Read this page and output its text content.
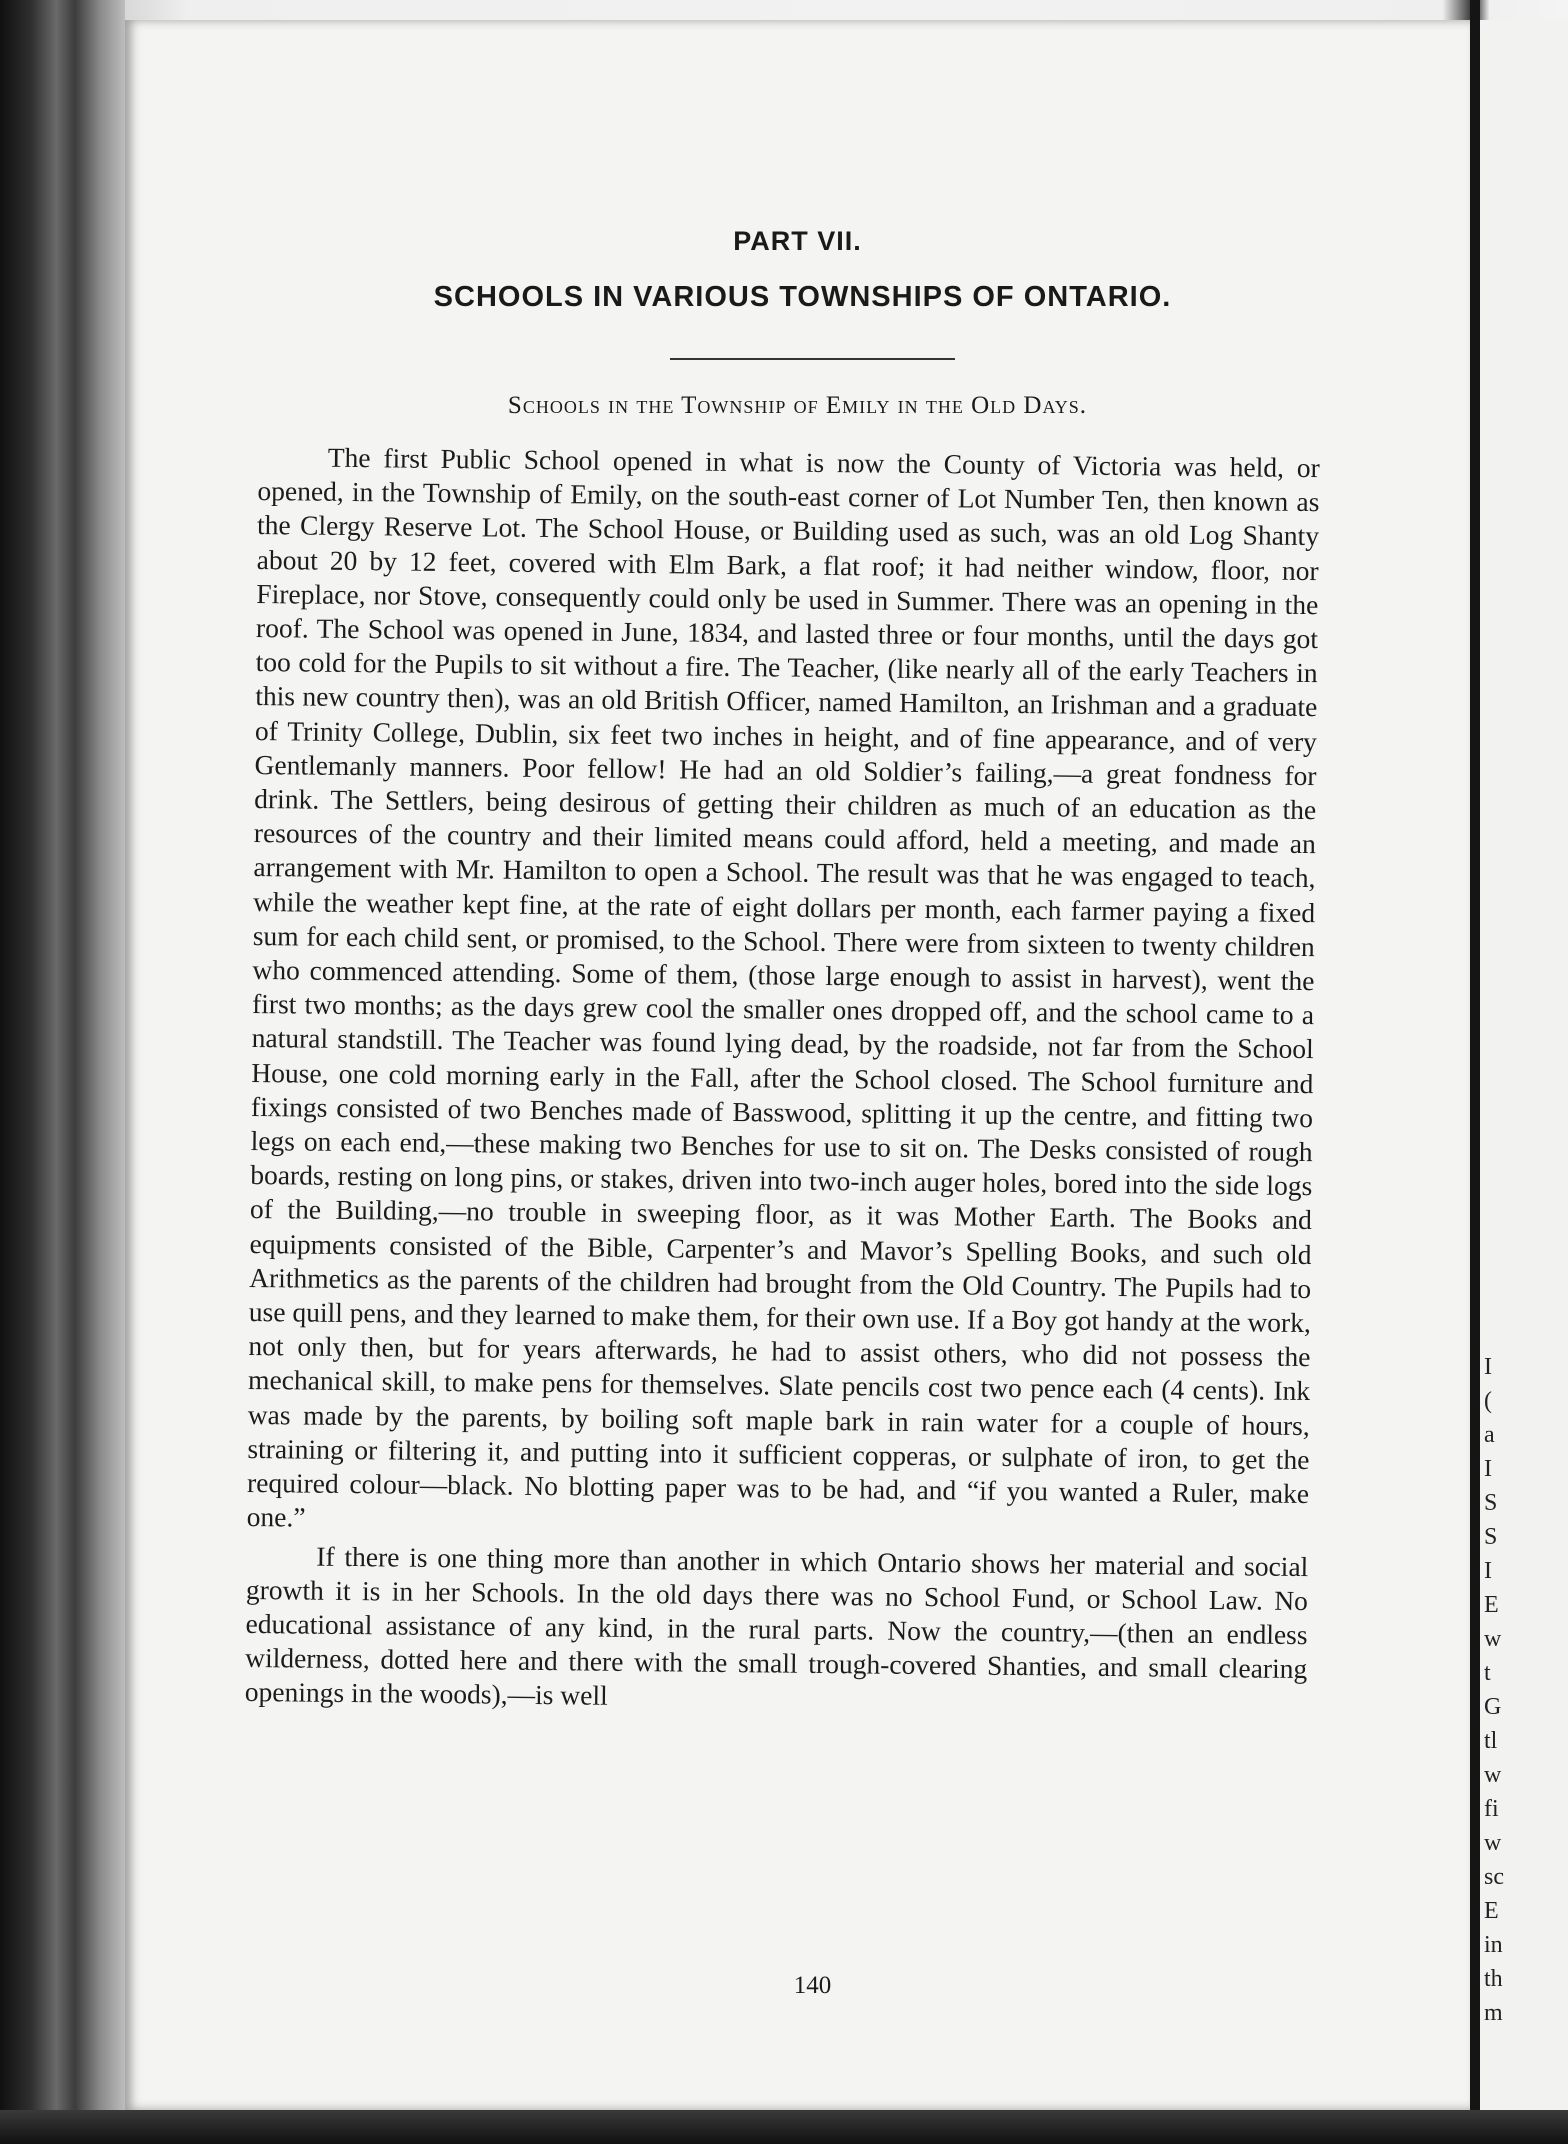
I
(
a
I
S
S
I
E
w
t
G
tl
w
fi
w
sc
E
in
th
m
PART VII.
SCHOOLS IN VARIOUS TOWNSHIPS OF ONTARIO.
Schools in the Township of Emily in the Old Days.

The first Public School opened in what is now the County of Victoria was held, or opened, in the Township of Emily, on the south-east corner of Lot Number Ten, then known as the Clergy Reserve Lot. The School House, or Building used as such, was an old Log Shanty about 20 by 12 feet, covered with Elm Bark, a flat roof; it had neither window, floor, nor Fireplace, nor Stove, consequently could only be used in Summer. There was an opening in the roof. The School was opened in June, 1834, and lasted three or four months, until the days got too cold for the Pupils to sit without a fire. The Teacher, (like nearly all of the early Teachers in this new country then), was an old British Officer, named Hamilton, an Irishman and a graduate of Trinity College, Dublin, six feet two inches in height, and of fine appearance, and of very Gentlemanly manners. Poor fellow! He had an old Soldier’s failing,—a great fondness for drink. The Settlers, being desirous of getting their children as much of an education as the resources of the country and their limited means could afford, held a meeting, and made an arrangement with Mr. Hamilton to open a School. The result was that he was engaged to teach, while the weather kept fine, at the rate of eight dollars per month, each farmer paying a fixed sum for each child sent, or promised, to the School. There were from sixteen to twenty children who commenced attending. Some of them, (those large enough to assist in harvest), went the first two months; as the days grew cool the smaller ones dropped off, and the school came to a natural standstill. The Teacher was found lying dead, by the roadside, not far from the School House, one cold morning early in the Fall, after the School closed. The School furniture and fixings consisted of two Benches made of Basswood, splitting it up the centre, and fitting two legs on each end,—these making two Benches for use to sit on. The Desks consisted of rough boards, resting on long pins, or stakes, driven into two-inch auger holes, bored into the side logs of the Building,—no trouble in sweeping floor, as it was Mother Earth. The Books and equipments consisted of the Bible, Carpenter’s and Mavor’s Spelling Books, and such old Arithmetics as the parents of the children had brought from the Old Country. The Pupils had to use quill pens, and they learned to make them, for their own use. If a Boy got handy at the work, not only then, but for years afterwards, he had to assist others, who did not possess the mechanical skill, to make pens for themselves. Slate pencils cost two pence each (4 cents). Ink was made by the parents, by boiling soft maple bark in rain water for a couple of hours, straining or filtering it, and putting into it sufficient copperas, or sulphate of iron, to get the required colour—black. No blotting paper was to be had, and “if you wanted a Ruler, make one.”

If there is one thing more than another in which Ontario shows her material and social growth it is in her Schools. In the old days there was no School Fund, or School Law. No educational assistance of any kind, in the rural parts. Now the country,—(then an endless wilderness, dotted here and there with the small trough-covered Shanties, and small clearing openings in the woods),—is well

140
